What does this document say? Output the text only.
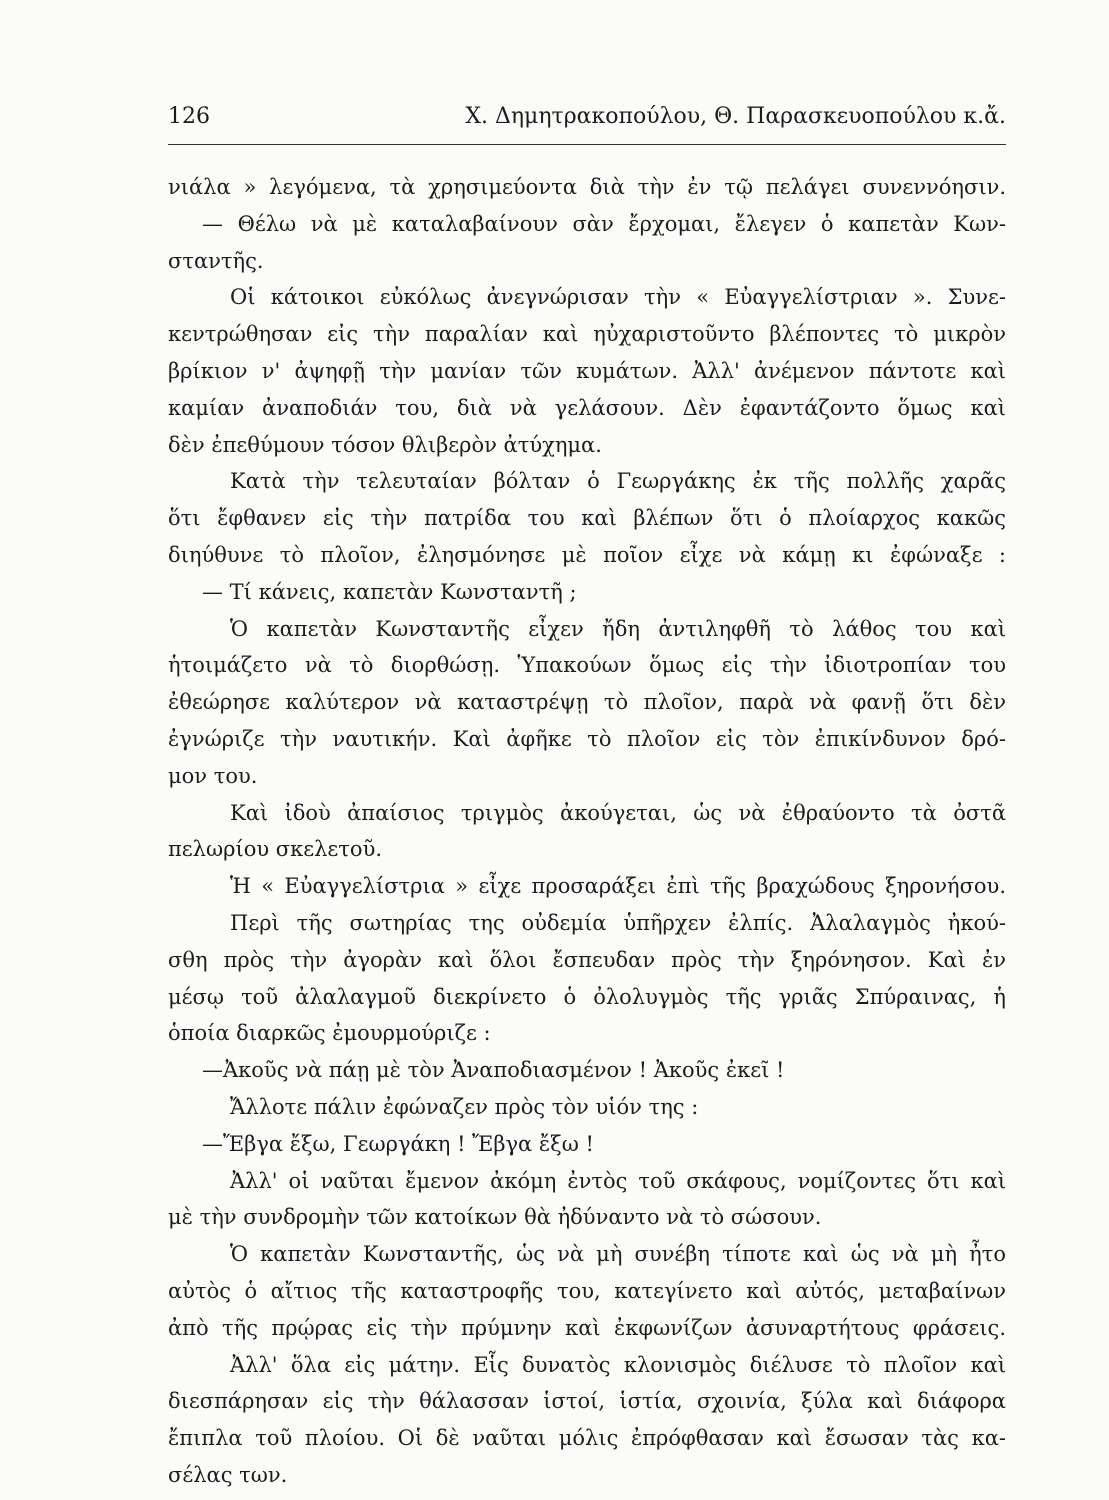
126	Χ. Δημητρακοπούλου, Θ. Παρασκευοπούλου κ.ἄ.
νιάλα » λεγόμενα, τὰ χρησιμεύοντα διὰ τὴν ἐν τῷ πελάγει συνεννόησιν.
— Θέλω νὰ μὲ καταλαβαίνουν σὰν ἔρχομαι, ἔλεγεν ὁ καπετὰν Κων-
σταντῆς.
Οἱ κάτοικοι εὐκόλως ἀνεγνώρισαν τὴν « Εὐαγγελίστριαν ». Συνε-
κεντρώθησαν εἰς τὴν παραλίαν καὶ ηὐχαριστοῦντο βλέποντες τὸ μικρὸν
βρίκιον ν' ἀψηφῇ τὴν μανίαν τῶν κυμάτων. Ἀλλ' ἀνέμενον πάντοτε καὶ
καμίαν ἀναποδιάν του, διὰ νὰ γελάσουν. Δὲν ἐφαντάζοντο ὅμως καὶ
δὲν ἐπεθύμουν τόσον θλιβερὸν ἀτύχημα.
Κατὰ τὴν τελευταίαν βόλταν ὁ Γεωργάκης ἐκ τῆς πολλῆς χαρᾶς
ὅτι ἔφθανεν εἰς τὴν πατρίδα του καὶ βλέπων ὅτι ὁ πλοίαρχος κακῶς
διηύθυνε τὸ πλοῖον, ἐλησμόνησε μὲ ποῖον εἶχε νὰ κάμῃ κι ἐφώναξε :
— Τί κάνεις, καπετὰν Κωνσταντῆ ;
Ὁ καπετὰν Κωνσταντῆς εἶχεν ἤδη ἀντιληφθῆ τὸ λάθος του καὶ
ἡτοιμάζετο νὰ τὸ διορθώσῃ. Ὑπακούων ὅμως εἰς τὴν ἰδιοτροπίαν του
ἐθεώρησε καλύτερον νὰ καταστρέψῃ τὸ πλοῖον, παρὰ νὰ φανῇ ὅτι δὲν
ἐγνώριζε τὴν ναυτικήν. Καὶ ἀφῆκε τὸ πλοῖον εἰς τὸν ἐπικίνδυνον δρό-
μον του.
Καὶ ἰδοὺ ἀπαίσιος τριγμὸς ἀκούγεται, ὡς νὰ ἐθραύοντο τὰ ὀστᾶ
πελωρίου σκελετοῦ.
Ἡ « Εὐαγγελίστρια » εἶχε προσαράξει ἐπὶ τῆς βραχώδους ξηρονήσου.
Περὶ τῆς σωτηρίας της οὐδεμία ὑπῆρχεν ἐλπίς. Ἀλαλαγμὸς ἠκού-
σθη πρὸς τὴν ἀγορὰν καὶ ὅλοι ἔσπευδαν πρὸς τὴν ξηρόνησον. Καὶ ἐν
μέσῳ τοῦ ἀλαλαγμοῦ διεκρίνετο ὁ ὀλολυγμὸς τῆς γριᾶς Σπύραινας, ἡ
ὁποία διαρκῶς ἐμουρμούριζε :
—Ἀκοῦς νὰ πάῃ μὲ τὸν Ἀναποδιασμένον ! Ἀκοῦς ἐκεῖ !
Ἄλλοτε πάλιν ἐφώναζεν πρὸς τὸν υἱόν της :
—Ἔβγα ἔξω, Γεωργάκη ! Ἔβγα ἔξω !
Ἀλλ' οἱ ναῦται ἔμενον ἀκόμη ἐντὸς τοῦ σκάφους, νομίζοντες ὅτι καὶ
μὲ τὴν συνδρομὴν τῶν κατοίκων θὰ ἠδύναντο νὰ τὸ σώσουν.
Ὁ καπετὰν Κωνσταντῆς, ὡς νὰ μὴ συνέβη τίποτε καὶ ὡς νὰ μὴ ἦτο
αὐτὸς ὁ αἴτιος τῆς καταστροφῆς του, κατεγίνετο καὶ αὐτός, μεταβαίνων
ἀπὸ τῆς πρῴρας εἰς τὴν πρύμνην καὶ ἐκφωνίζων ἀσυναρτήτους φράσεις.
Ἀλλ' ὅλα εἰς μάτην. Εἷς δυνατὸς κλονισμὸς διέλυσε τὸ πλοῖον καὶ
διεσπάρησαν εἰς τὴν θάλασσαν ἱστοί, ἱστία, σχοινία, ξύλα καὶ διάφορα
ἔπιπλα τοῦ πλοίου. Οἱ δὲ ναῦται μόλις ἐπρόφθασαν καὶ ἔσωσαν τὰς κα-
σέλας των.
